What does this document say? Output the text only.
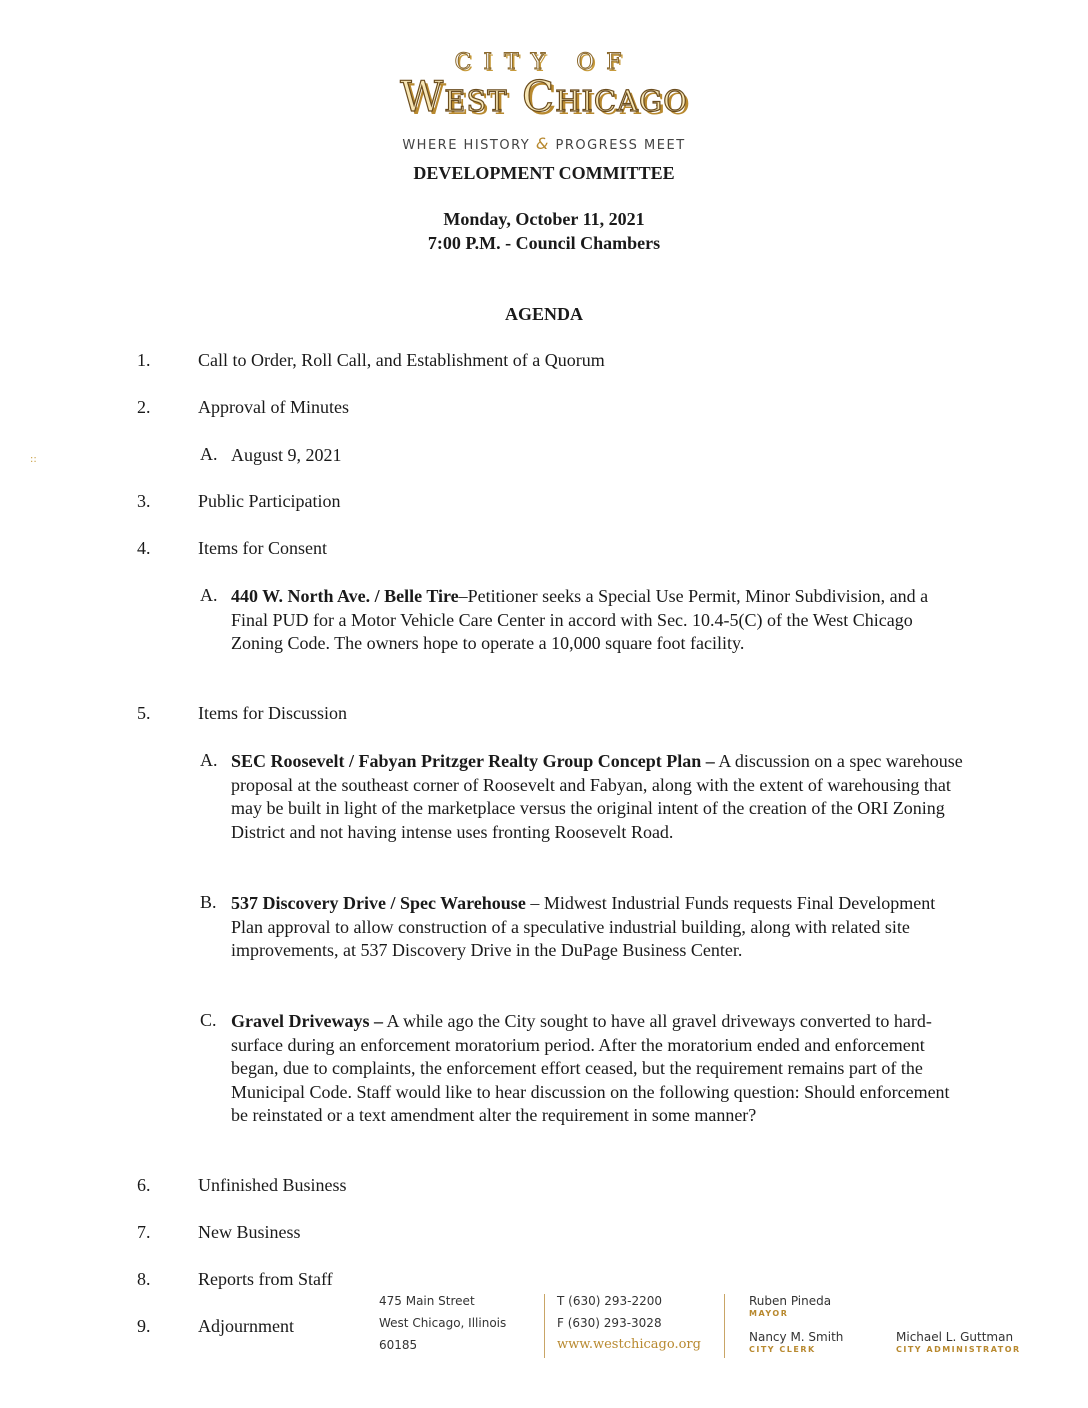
CITY OF
West Chicago
WHERE HISTORY & PROGRESS MEET
DEVELOPMENT COMMITTEE
Monday, October 11, 2021
7:00 P.M. - Council Chambers
AGENDA
::
1.	Call to Order, Roll Call, and Establishment of a Quorum
2.	Approval of Minutes
A. August 9, 2021
3.	Public Participation
4.	Items for Consent
A. 440 W. North Ave. / Belle Tire–Petitioner seeks a Special Use Permit, Minor Subdivision, and a Final PUD for a Motor Vehicle Care Center in accord with Sec. 10.4-5(C) of the West Chicago Zoning Code. The owners hope to operate a 10,000 square foot facility.
5.	Items for Discussion
A. SEC Roosevelt / Fabyan Pritzger Realty Group Concept Plan – A discussion on a spec warehouse proposal at the southeast corner of Roosevelt and Fabyan, along with the extent of warehousing that may be built in light of the marketplace versus the original intent of the creation of the ORI Zoning District and not having intense uses fronting Roosevelt Road.
B. 537 Discovery Drive / Spec Warehouse – Midwest Industrial Funds requests Final Development Plan approval to allow construction of a speculative industrial building, along with related site improvements, at 537 Discovery Drive in the DuPage Business Center.
C. Gravel Driveways – A while ago the City sought to have all gravel driveways converted to hard-surface during an enforcement moratorium period. After the moratorium ended and enforcement began, due to complaints, the enforcement effort ceased, but the requirement remains part of the Municipal Code. Staff would like to hear discussion on the following question: Should enforcement be reinstated or a text amendment alter the requirement in some manner?
6.	Unfinished Business
7.	New Business
8.	Reports from Staff
9.	Adjournment
475 Main Street
West Chicago, Illinois
60185
T (630) 293-2200
F (630) 293-3028
www.westchicago.org
Ruben Pineda
MAYOR
Nancy M. Smith
CITY CLERK
Michael L. Guttman
CITY ADMINISTRATOR
